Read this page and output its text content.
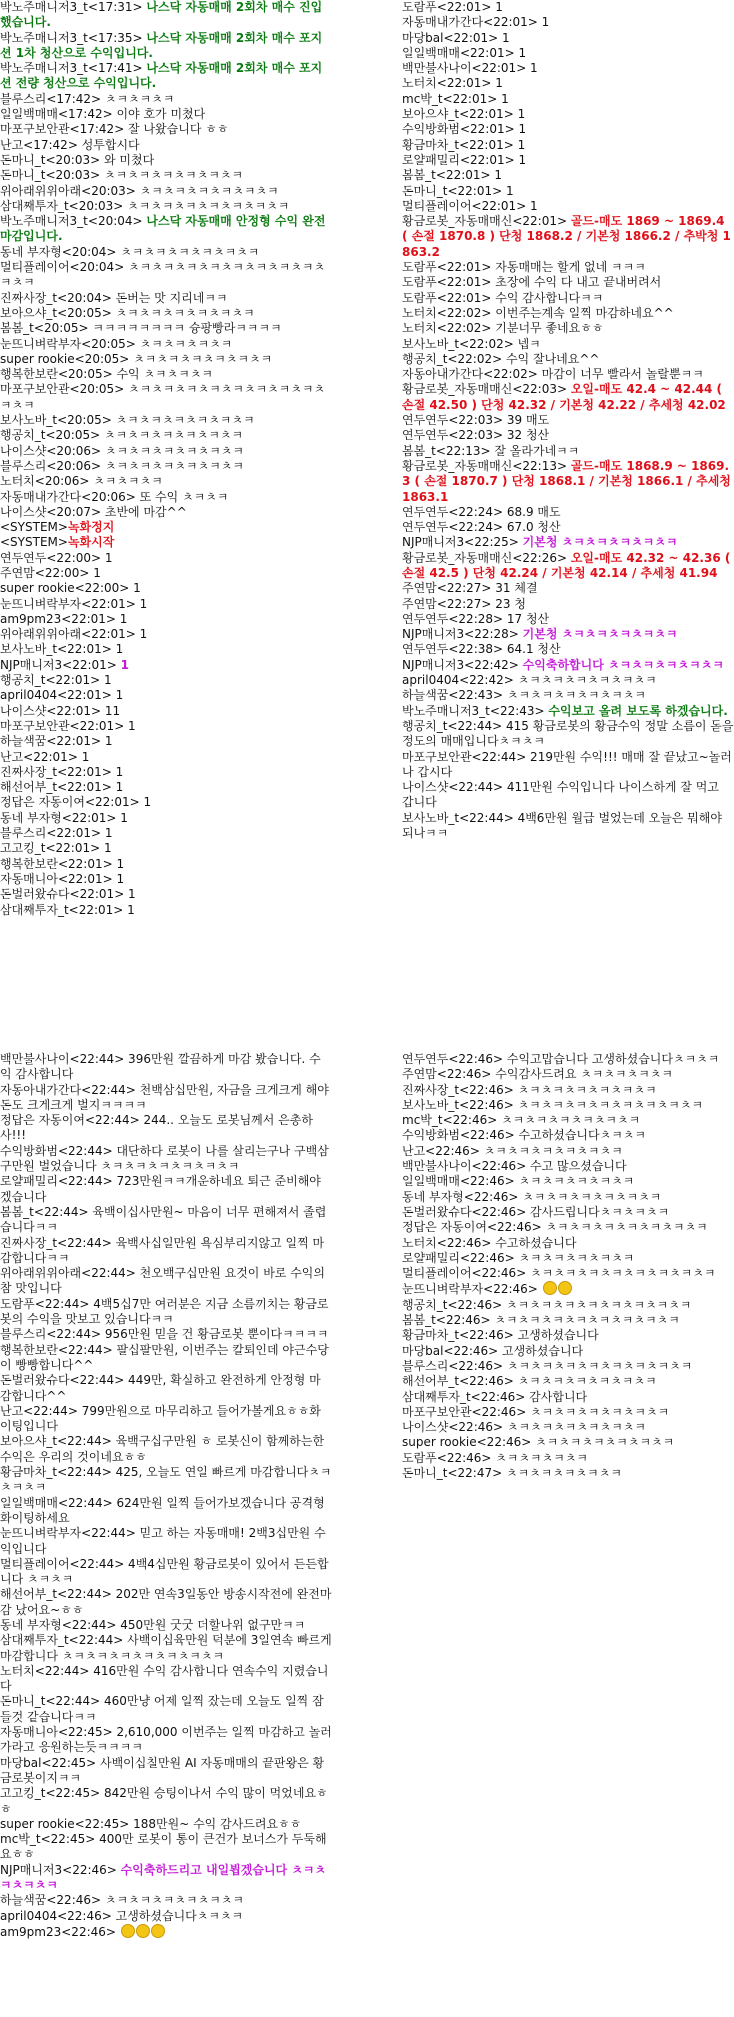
박노주매니저3_t<17:31> 나스닥 자동매매 2회차 매수 진입했습니다.
박노주매니저3_t<17:35> 나스닥 자동매매 2회차 매수 포지션 1차 청산으로 수익입니다.
박노주매니저3_t<17:41> 나스닥 자동매매 2회차 매수 포지션 전량 청산으로 수익입니다.
블루스리<17:42> ㅊㅋㅊㅋㅊㅋ
일일백매매<17:42> 이야 호가 미쳤다
마포구보안관<17:42> 잘 나왔습니다 ㅎㅎ
난고<17:42> 성투합시다
돈마니_t<20:03> 와 미쳤다
돈마니_t<20:03> ㅊㅋㅊㅋㅊㅋㅊㅋㅊㅋㅊㅋ
위아래위위아래<20:03> ㅊㅋㅊㅋㅊㅋㅊㅋㅊㅋㅊㅋ
삼대째투자_t<20:03> ㅊㅋㅊㅋㅊㅋㅊㅋㅊㅋㅊㅋㅊㅋ
박노주매니저3_t<20:04> 나스닥 자동매매 안정형 수익 완전 마감입니다.
동네 부자형<20:04> ㅊㅋㅊㅋㅊㅋㅊㅋㅊㅋㅊㅋ
멀티플레이어<20:04> ㅊㅋㅊㅋㅊㅋㅊㅋㅊㅋㅊㅋㅊㅋㅊㅋㅊㅋㅊㅋ
진짜사장_t<20:04> 돈버는 맛 지리네ㅋㅋ
보아으샤_t<20:05> ㅊㅋㅊㅋㅊㅋㅊㅋㅊㅋㅊㅋ
봄봄_t<20:05> ㅋㅋㅋㅋㅋㅋㅋㅋ 슝팡빵라ㅋㅋㅋㅋ
눈뜨니벼락부자<20:05> ㅊㅋㅊㅋㅊㅋㅊㅋ
super rookie<20:05> ㅊㅋㅊㅋㅊㅋㅊㅋㅊㅋㅊㅋ
행복한보란<20:05> 수익 ㅊㅋㅊㅋㅊㅋ
마포구보안관<20:05> ㅊㅋㅊㅋㅊㅋㅊㅋㅊㅋㅊㅋㅊㅋㅊㅋㅊㅋㅊㅋ
보사노바_t<20:05> ㅊㅋㅊㅋㅊㅋㅊㅋㅊㅋㅊㅋ
행공치_t<20:05> ㅊㅋㅊㅋㅊㅋㅊㅋㅊㅋㅊㅋ
나이스샷<20:06> ㅊㅋㅊㅋㅊㅋㅊㅋㅊㅋㅊㅋ
블루스리<20:06> ㅊㅋㅊㅋㅊㅋㅊㅋㅊㅋㅊㅋ
노터치<20:06> ㅊㅋㅊㅋㅊㅋ
자동매내가간다<20:06> 또 수익 ㅊㅋㅊㅋ
나이스샷<20:07> 초반에 마감^^
<SYSTEM>녹화정지
<SYSTEM>녹화시작
연두연두<22:00> 1
주연맘<22:00> 1
super rookie<22:00> 1
눈뜨니벼락부자<22:01> 1
am9pm23<22:01> 1
위아래위위아래<22:01> 1
보사노바_t<22:01> 1
NJP매니저3<22:01> 1
행공치_t<22:01> 1
april0404<22:01> 1
나이스샷<22:01> 11
마포구보안관<22:01> 1
하늘색꿈<22:01> 1
난고<22:01> 1
진짜사장_t<22:01> 1
해선어부_t<22:01> 1
정답은 자동이여<22:01> 1
동네 부자형<22:01> 1
블루스리<22:01> 1
고고킹_t<22:01> 1
행복한보란<22:01> 1
자동매니아<22:01> 1
돈벌러왔슈다<22:01> 1
삼대째투자_t<22:01> 1
도람푸<22:01> 1
자동매내가간다<22:01> 1
마당bal<22:01> 1
일일백매매<22:01> 1
백만불사나이<22:01> 1
노터치<22:01> 1
mc박_t<22:01> 1
보아으샤_t<22:01> 1
수익방화범<22:01> 1
황금마차_t<22:01> 1
로얄패밀리<22:01> 1
봄봄_t<22:01> 1
돈마니_t<22:01> 1
멀티플레이어<22:01> 1
황금로봇_자동매매신<22:01> 골드-매도 1869 ~ 1869.4 ( 손절 1870.8 ) 단청 1868.2 / 기본청 1866.2 / 추박청 1863.2
도람푸<22:01> 자동매매는 할게 없네 ㅋㅋㅋ
도람푸<22:01> 초장에 수익 다 내고 끝내버려서
도람푸<22:01> 수익 감사합니다ㅋㅋ
노터치<22:02> 이번주는계속 일찍 마감하네요^^
노터치<22:02> 기분너무 좋네요ㅎㅎ
보사노바_t<22:02> 넵ㅋ
행공치_t<22:02> 수익 잘나네요^^
자동아내가간다<22:02> 마감이 너무 빨라서 놀랄뿐ㅋㅋ
황금로봇_자동매매신<22:03> 오일-매도 42.4 ~ 42.44 ( 손절 42.50 ) 단청 42.32 / 기본청 42.22 / 추세청 42.02
연두연두<22:03> 39 매도
연두연두<22:03> 32 청산
봄봄_t<22:13> 잘 올라가네ㅋㅋ
황금로봇_자동매매신<22:13> 골드-매도 1868.9 ~ 1869.3 ( 손절 1870.7 ) 단청 1868.1 / 기본청 1866.1 / 추세청 1863.1
연두연두<22:24> 68.9 매도
연두연두<22:24> 67.0 청산
NJP매니저3<22:25> 기본청 ㅊㅋㅊㅋㅊㅋㅊㅋㅊㅋ
황금로봇_자동매매신<22:26> 오일-매도 42.32 ~ 42.36 ( 손절 42.5 ) 단청 42.24 / 기본청 42.14 / 추세청 41.94
주연맘<22:27> 31 체결
주연맘<22:27> 23 청
연두연두<22:28> 17 청산
NJP매니저3<22:28> 기본청 ㅊㅋㅊㅋㅊㅋㅊㅋㅊㅋ
연두연두<22:38> 64.1 청산
NJP매니저3<22:42> 수익축하합니다 ㅊㅋㅊㅋㅊㅋㅊㅋㅊㅋ
april0404<22:42> ㅊㅋㅊㅋㅊㅋㅊㅋㅊㅋㅊㅋ
하늘색꿈<22:43> ㅊㅋㅊㅋㅊㅋㅊㅋㅊㅋㅊㅋ
박노주매니저3_t<22:43> 수익보고 올려 보도록 하겠습니다.
행공치_t<22:44> 415 황금로봇의 황금수익 정말 소름이 돋을정도의 매매입니다ㅊㅋㅊㅋ
마포구보안관<22:44> 219만원 수익!!! 매매 잘 끝났고~놀러나 갑시다
나이스샷<22:44> 411만원 수익입니다 나이스하게 잘 먹고 갑니다
보사노바_t<22:44> 4백6만원 월급 벌었는데 오늘은 뭐해야 되나ㅋㅋ
백만불사나이<22:44> 396만원 깔끔하게 마감 봤습니다. 수익 감사합니다
자동아내가간다<22:44> 천백삼십만원, 자금을 크게크게 해야 돈도 크게크게 벌지ㅋㅋㅋㅋ
정답은 자동이여<22:44> 244.. 오늘도 로봇님께서 은총하사!!!
수익방화범<22:44> 대단하다 로봇이 나를 살리는구나 구백삼구만원 벌었습니다 ㅊㅋㅊㅋㅊㅋㅊㅋㅊㅋㅊㅋ
로얄패밀리<22:44> 723만원ㅋㅋ개운하네요 퇴근 준비해야겠습니다
봄봄_t<22:44> 육백이십사만원~ 마음이 너무 편해져서 졸렵습니다ㅋㅋ
진짜사장_t<22:44> 육백사십일만원 욕심부리지않고 일찍 마감합니다ㅋㅋ
위아래위위아래<22:44> 천오백구십만원 요것이 바로 수익의 참 맛입니다
도람푸<22:44> 4백5십7만 여러분은 지금 소름끼치는 황금로봇의 수익을 맛보고 있습니다ㅋㅋ
블루스리<22:44> 956만원 믿을 건 황금로봇 뿐이다ㅋㅋㅋㅋ
행복한보란<22:44> 팔십팔만원, 이번주는 칼퇴인데 야근수당이 빵빵합니다^^
돈벌러왔슈다<22:44> 449만, 확실하고 완전하게 안정형 마감합니다^^
난고<22:44> 799만원으로 마무리하고 들어가볼게요ㅎㅎ화이팅입니다
보아으샤_t<22:44> 육백구십구만원 ㅎ 로봇신이 함께하는한 수익은 우리의 것이네요ㅎㅎ
황금마차_t<22:44> 425, 오늘도 연일 빠르게 마감합니다ㅊㅋㅊㅋㅊㅋ
일일백매매<22:44> 624만원 일찍 들어가보겠습니다 공격형 화이팅하세요
눈뜨니벼락부자<22:44> 믿고 하는 자동매매! 2백3십만원 수익입니다
멀티플레이어<22:44> 4백4십만원 황금로봇이 있어서 든든합니다 ㅊㅋㅊㅋ
해선어부_t<22:44> 202만 연속3일동안 방송시작전에 완전마감 났어요~ㅎㅎ
동네 부자형<22:44> 450만원 굿굿 더할나위 없구만ㅋㅋ
삼대째투자_t<22:44> 사백이십육만원 덕분에 3일연속 빠르게 마감합니다 ㅊㅋㅊㅋㅊㅋㅊㅋㅊㅋㅊㅋㅊㅋ
노터치<22:44> 416만원 수익 감사합니다 연속수익 지렸습니다
돈마니_t<22:44> 460만냥 어제 일찍 잤는데 오늘도 일찍 잠들것 같습니다ㅋㅋ
자동매니아<22:45> 2,610,000 이번주는 일찍 마감하고 놀러가라고 응원하는듯ㅋㅋㅋㅋ
마당bal<22:45> 사백이십칠만원 AI 자동매매의 끝판왕은 황금로봇이지ㅋㅋ
고고킹_t<22:45> 842만원 승팅이나서 수익 많이 먹었네요ㅎㅎ
super rookie<22:45> 188만원~ 수익 감사드려요ㅎㅎ
mc박_t<22:45> 400만 로봇이 통이 큰건가 보너스가 두둑해요ㅎㅎ
NJP매니저3<22:46> 수익축하드리고 내일뵙겠습니다 ㅊㅋㅊㅋㅊㅋㅊㅋ
하늘색꿈<22:46> ㅊㅋㅊㅋㅊㅋㅊㅋㅊㅋㅊㅋ
april0404<22:46> 고생하셨습니다ㅊㅋㅊㅋ
am9pm23<22:46>
연두연두<22:46> 수익고맙습니다 고생하셨습니다ㅊㅋㅊㅋ
주연맘<22:46> 수익감사드려요 ㅊㅋㅊㅋㅊㅋㅊㅋ
진짜사장_t<22:46> ㅊㅋㅊㅋㅊㅋㅊㅋㅊㅋㅊㅋ
보사노바_t<22:46> ㅊㅋㅊㅋㅊㅋㅊㅋㅊㅋㅊㅋㅊㅋㅊㅋ
mc박_t<22:46> ㅊㅋㅊㅋㅊㅋㅊㅋㅊㅋㅊㅋ
수익방화범<22:46> 수고하셨습니다ㅊㅋㅊㅋ
난고<22:46> ㅊㅋㅊㅋㅊㅋㅊㅋㅊㅋㅊㅋ
백만불사나이<22:46> 수고 많으셨습니다
일일백매매<22:46> ㅊㅋㅊㅋㅊㅋㅊㅋㅊㅋ
동네 부자형<22:46> ㅊㅋㅊㅋㅊㅋㅊㅋㅊㅋㅊㅋ
돈벌러왔슈다<22:46> 감사드립니다ㅊㅋㅊㅋㅊㅋ
정답은 자동이여<22:46> ㅊㅋㅊㅋㅊㅋㅊㅋㅊㅋㅊㅋㅊㅋ
노터치<22:46> 수고하셨습니다
로얄패밀리<22:46> ㅊㅋㅊㅋㅊㅋㅊㅋㅊㅋ
멀티플레이어<22:46> ㅊㅋㅊㅋㅊㅋㅊㅋㅊㅋㅊㅋㅊㅋㅊㅋ
눈뜨니벼락부자<22:46>
행공치_t<22:46> ㅊㅋㅊㅋㅊㅋㅊㅋㅊㅋㅊㅋㅊㅋㅊㅋ
봄봄_t<22:46> ㅊㅋㅊㅋㅊㅋㅊㅋㅊㅋㅊㅋㅊㅋㅊㅋ
황금마차_t<22:46> 고생하셨습니다
마당bal<22:46> 고생하셨습니다
블루스리<22:46> ㅊㅋㅊㅋㅊㅋㅊㅋㅊㅋㅊㅋㅊㅋㅊㅋ
해선어부_t<22:46> ㅊㅋㅊㅋㅊㅋㅊㅋㅊㅋㅊㅋ
삼대째투자_t<22:46> 감사합니다
마포구보안관<22:46> ㅊㅋㅊㅋㅊㅋㅊㅋㅊㅋㅊㅋ
나이스샷<22:46> ㅊㅋㅊㅋㅊㅋㅊㅋㅊㅋㅊㅋ
super rookie<22:46> ㅊㅋㅊㅋㅊㅋㅊㅋㅊㅋㅊㅋ
도람푸<22:46> ㅊㅋㅊㅋㅊㅋㅊㅋ
돈마니_t<22:47> ㅊㅋㅊㅋㅊㅋㅊㅋㅊㅋ
